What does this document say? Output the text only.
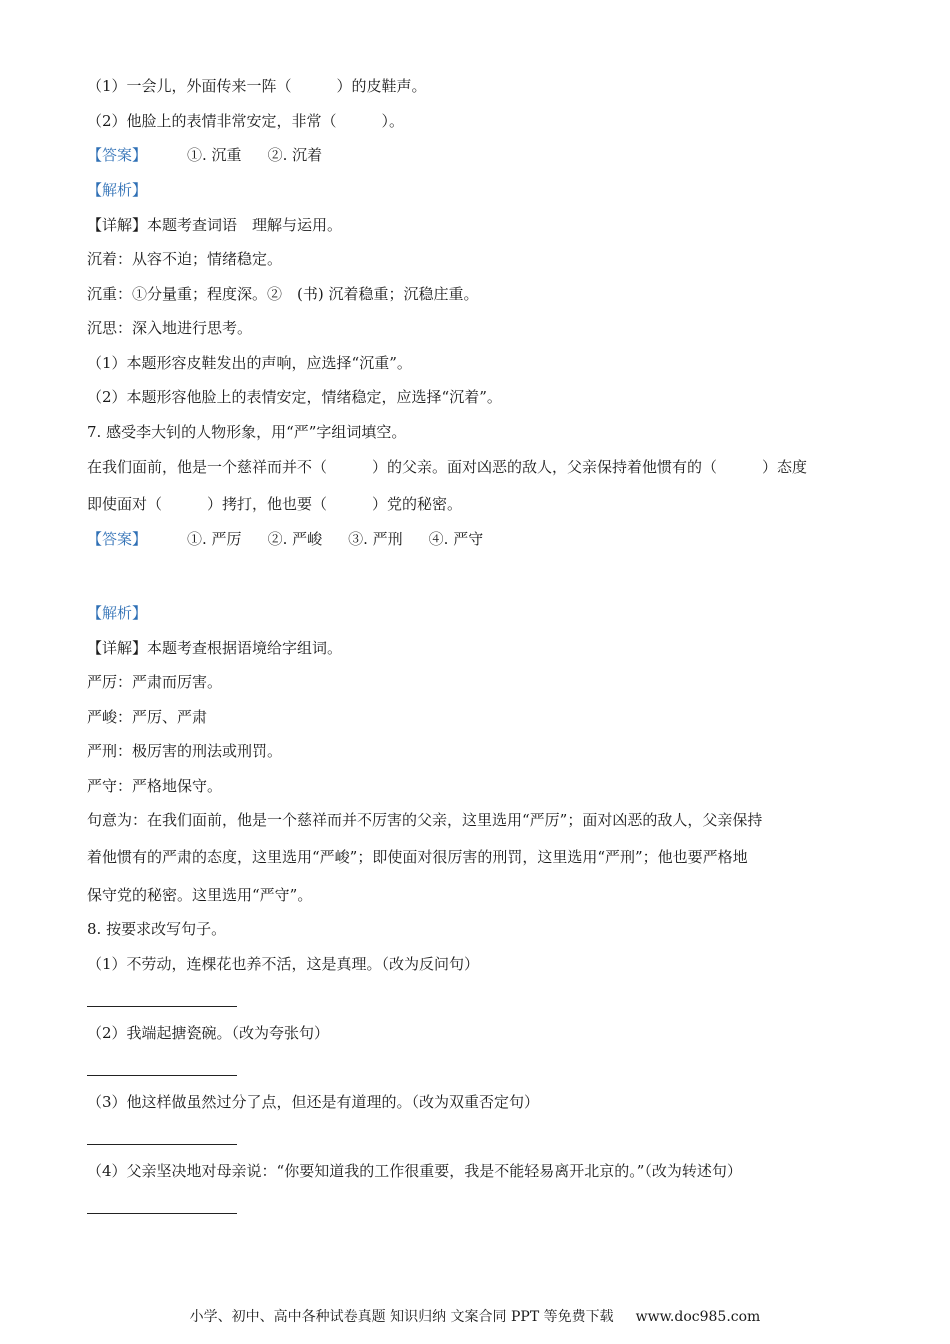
（1）一会儿，外面传来一阵（　　　）的皮鞋声。
（2）他脸上的表情非常安定，非常（　　　）。
【答案】	①. 沉重 ②. 沉着
【解析】
【详解】本题考查词语　理解与运用。
沉着：从容不迫；情绪稳定。
沉重：①分量重；程度深。②　(书) 沉着稳重；沉稳庄重。
沉思：深入地进行思考。
（1）本题形容皮鞋发出的声响，应选择“沉重”。
（2）本题形容他脸上的表情安定，情绪稳定，应选择“沉着”。
7. 感受李大钊的人物形象，用“严”字组词填空。
在我们面前，他是一个慈祥而并不（　　　）的父亲。面对凶恶的敌人，父亲保持着他惯有的（　　　）态度
即使面对（　　　）拷打，他也要（　　　）党的秘密。
【答案】	①. 严厉 ②. 严峻 ③. 严刑 ④. 严守
【解析】
【详解】本题考查根据语境给字组词。
严厉：严肃而厉害。
严峻：严厉、严肃
严刑：极厉害的刑法或刑罚。
严守：严格地保守。
句意为：在我们面前，他是一个慈祥而并不厉害的父亲，这里选用“严厉”；面对凶恶的敌人，父亲保持
着他惯有的严肃的态度，这里选用“严峻”；即使面对很厉害的刑罚，这里选用“严刑”；他也要严格地
保守党的秘密。这里选用“严守”。
8. 按要求改写句子。
（1）不劳动，连棵花也养不活，这是真理。（改为反问句）
（2）我端起搪瓷碗。（改为夸张句）
（3）他这样做虽然过分了点，但还是有道理的。（改为双重否定句）
（4）父亲坚决地对母亲说：“你要知道我的工作很重要，我是不能轻易离开北京的。”（改为转述句）
小学、初中、高中各种试卷真题 知识归纳 文案合同 PPT 等免费下载 www.doc985.com
